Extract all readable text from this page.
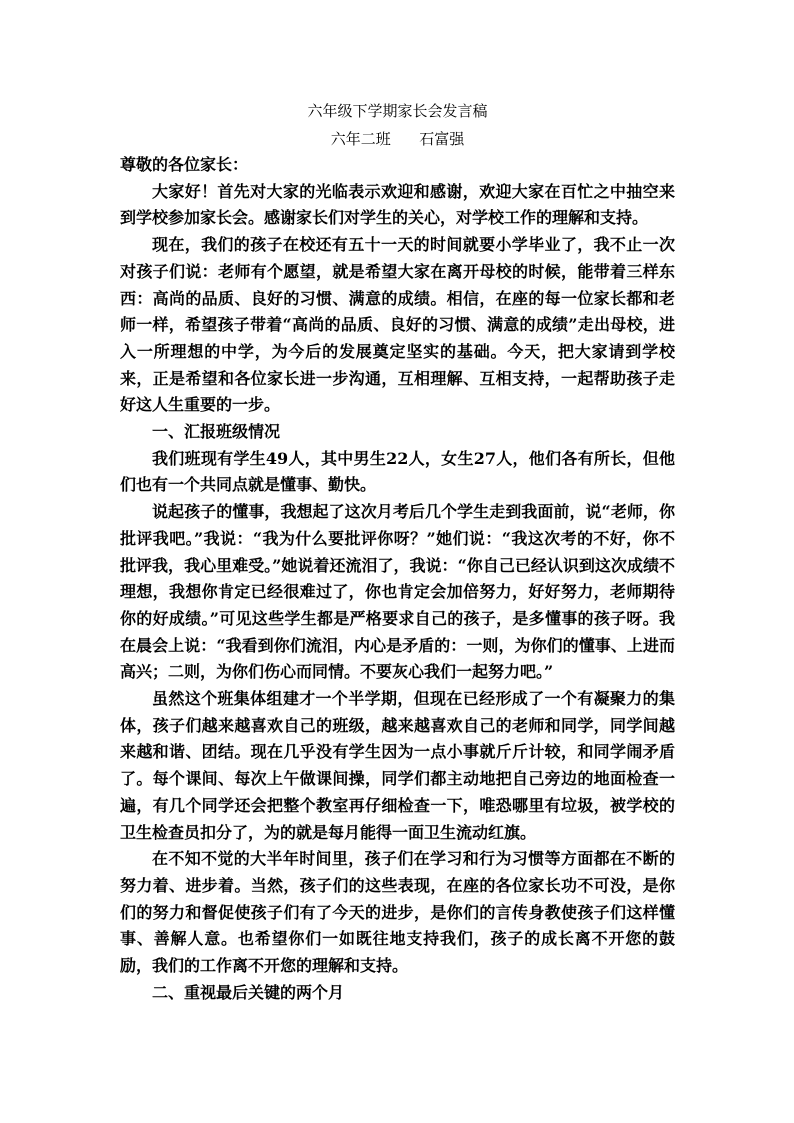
六年级下学期家长会发言稿

六年二班      石富强

尊敬的各位家长：

大家好！首先对大家的光临表示欢迎和感谢，欢迎大家在百忙之中抽空来到学校参加家长会。感谢家长们对学生的关心，对学校工作的理解和支持。

现在，我们的孩子在校还有五十一天的时间就要小学毕业了，我不止一次对孩子们说：老师有个愿望，就是希望大家在离开母校的时候，能带着三样东西：高尚的品质、良好的习惯、满意的成绩。相信，在座的每一位家长都和老师一样，希望孩子带着“高尚的品质、良好的习惯、满意的成绩”走出母校，进入一所理想的中学，为今后的发展奠定坚实的基础。今天，把大家请到学校来，正是希望和各位家长进一步沟通，互相理解、互相支持，一起帮助孩子走好这人生重要的一步。

一、汇报班级情况

我们班现有学生49人，其中男生22人，女生27人，他们各有所长，但他们也有一个共同点就是懂事、勤快。

说起孩子的懂事，我想起了这次月考后几个学生走到我面前，说“老师，你批评我吧。”我说：“我为什么要批评你呀？”她们说：“我这次考的不好，你不批评我，我心里难受。”她说着还流泪了，我说：“你自己已经认识到这次成绩不理想，我想你肯定已经很难过了，你也肯定会加倍努力，好好努力，老师期待你的好成绩。”可见这些学生都是严格要求自己的孩子，是多懂事的孩子呀。我在晨会上说：“我看到你们流泪，内心是矛盾的：一则，为你们的懂事、上进而高兴；二则，为你们伤心而同情。不要灰心我们一起努力吧。”

虽然这个班集体组建才一个半学期，但现在已经形成了一个有凝聚力的集体，孩子们越来越喜欢自己的班级，越来越喜欢自己的老师和同学，同学间越来越和谐、团结。现在几乎没有学生因为一点小事就斤斤计较，和同学闹矛盾了。每个课间、每次上午做课间操，同学们都主动地把自己旁边的地面检查一遍，有几个同学还会把整个教室再仔细检查一下，唯恐哪里有垃圾，被学校的卫生检查员扣分了，为的就是每月能得一面卫生流动红旗。

在不知不觉的大半年时间里，孩子们在学习和行为习惯等方面都在不断的努力着、进步着。当然，孩子们的这些表现，在座的各位家长功不可没，是你们的努力和督促使孩子们有了今天的进步，是你们的言传身教使孩子们这样懂事、善解人意。也希望你们一如既往地支持我们，孩子的成长离不开您的鼓励，我们的工作离不开您的理解和支持。

二、重视最后关键的两个月
